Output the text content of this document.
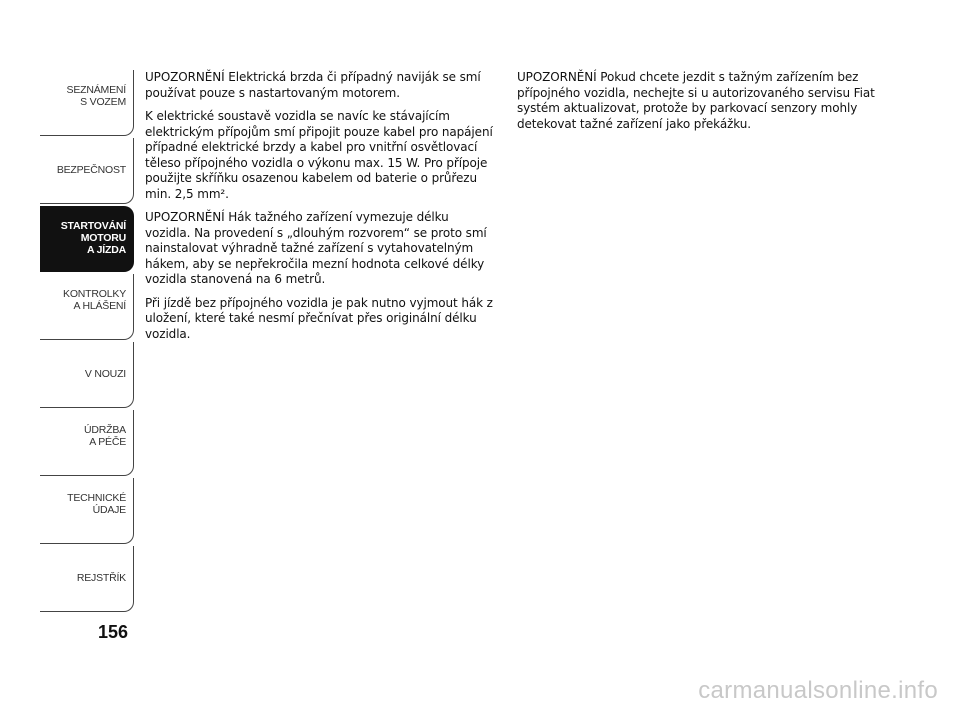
SEZNÁMENÍ
S VOZEM
BEZPEČNOST
STARTOVÁNÍ
MOTORU
A JÍZDA
KONTROLKY
A HLÁŠENÍ
V NOUZI
ÚDRŽBA
A PÉČE
TECHNICKÉ
ÚDAJE
REJSTŘÍK
156

UPOZORNĚNÍ Elektrická brzda či případný naviják se smí používat pouze s nastartovaným motorem.

K elektrické soustavě vozidla se navíc ke stávajícím elektrickým přípojům smí připojit pouze kabel pro napájení případné elektrické brzdy a kabel pro vnitřní osvětlovací těleso přípojného vozidla o výkonu max. 15 W. Pro přípoje použijte skříňku osazenou kabelem od baterie o průřezu min. 2,5 mm².

UPOZORNĚNÍ Hák tažného zařízení vymezuje délku vozidla. Na provedení s „dlouhým rozvorem“ se proto smí nainstalovat výhradně tažné zařízení s vytahovatelným hákem, aby se nepřekročila mezní hodnota celkové délky vozidla stanovená na 6 metrů.

Při jízdě bez přípojného vozidla je pak nutno vyjmout hák z uložení, které také nesmí přečnívat přes originální délku vozidla.

UPOZORNĚNÍ Pokud chcete jezdit s tažným zařízením bez přípojného vozidla, nechejte si u autorizovaného servisu Fiat systém aktualizovat, protože by parkovací senzory mohly detekovat tažné zařízení jako překážku.

carmanualsonline.info
